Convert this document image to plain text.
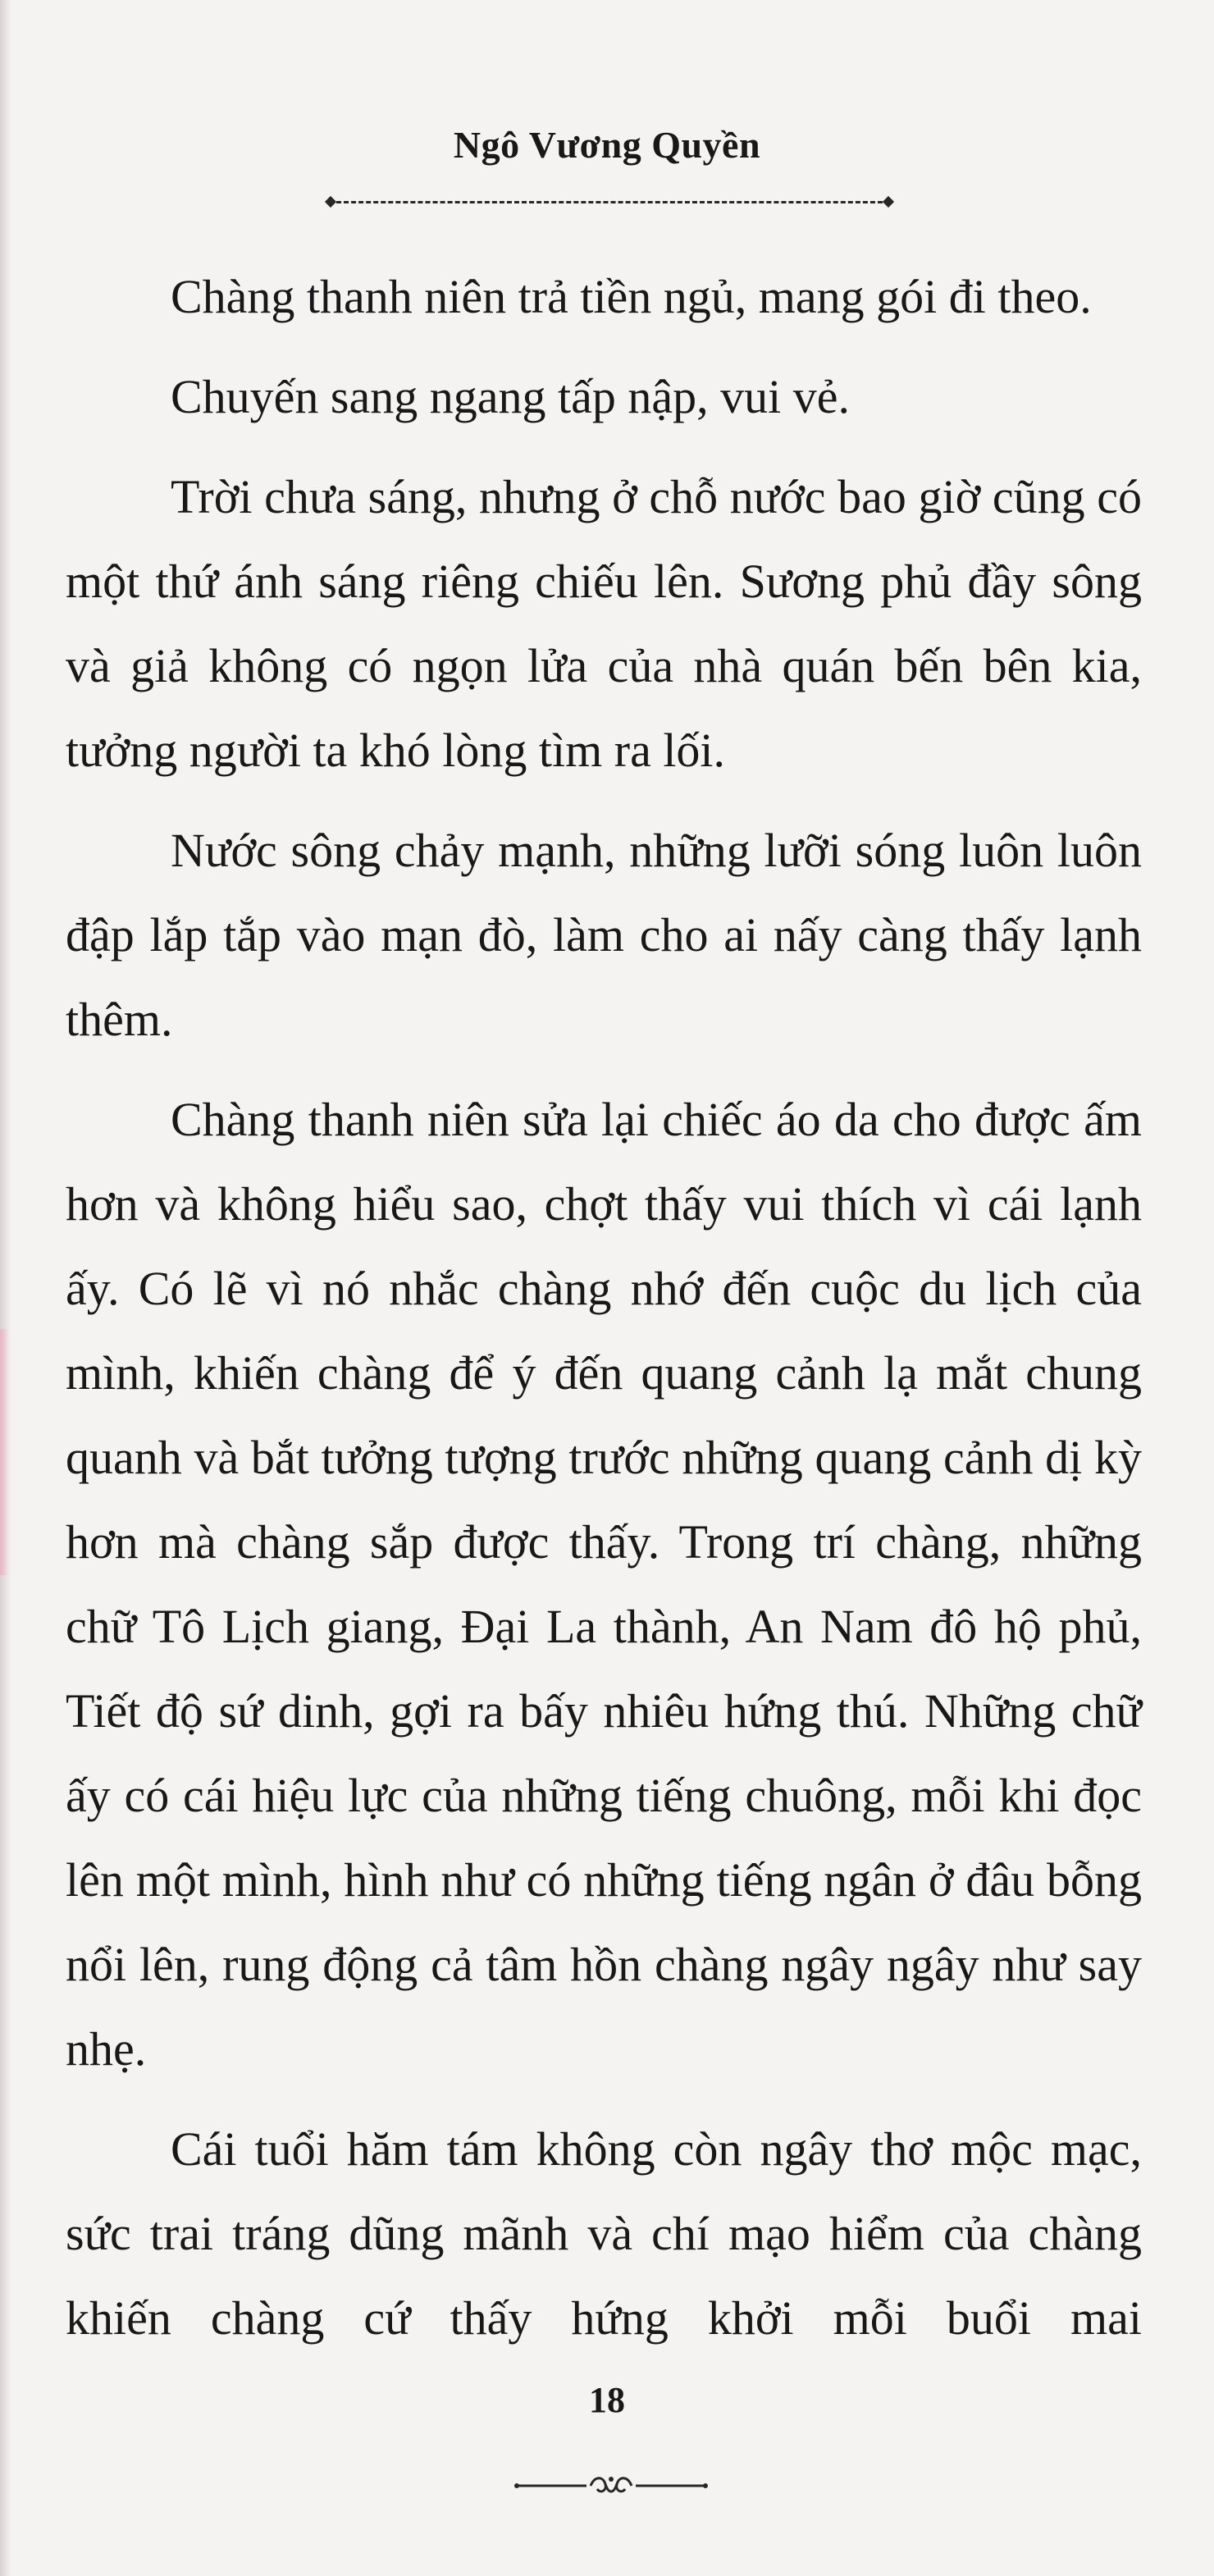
Ngô Vương Quyền

Chàng thanh niên trả tiền ngủ, mang gói đi theo.

Chuyến sang ngang tấp nập, vui vẻ.

Trời chưa sáng, nhưng ở chỗ nước bao giờ cũng có một thứ ánh sáng riêng chiếu lên. Sương phủ đầy sông và giả không có ngọn lửa của nhà quán bến bên kia, tưởng người ta khó lòng tìm ra lối.

Nước sông chảy mạnh, những lưỡi sóng luôn luôn đập lắp tắp vào mạn đò, làm cho ai nấy càng thấy lạnh thêm.

Chàng thanh niên sửa lại chiếc áo da cho được ấm hơn và không hiểu sao, chợt thấy vui thích vì cái lạnh ấy. Có lẽ vì nó nhắc chàng nhớ đến cuộc du lịch của mình, khiến chàng để ý đến quang cảnh lạ mắt chung quanh và bắt tưởng tượng trước những quang cảnh dị kỳ hơn mà chàng sắp được thấy. Trong trí chàng, những chữ Tô Lịch giang, Đại La thành, An Nam đô hộ phủ, Tiết độ sứ dinh, gợi ra bấy nhiêu hứng thú. Những chữ ấy có cái hiệu lực của những tiếng chuông, mỗi khi đọc lên một mình, hình như có những tiếng ngân ở đâu bỗng nổi lên, rung động cả tâm hồn chàng ngây ngây như say nhẹ.

Cái tuổi hăm tám không còn ngây thơ mộc mạc, sức trai tráng dũng mãnh và chí mạo hiểm của chàng khiến chàng cứ thấy hứng khởi mỗi buổi mai

18
